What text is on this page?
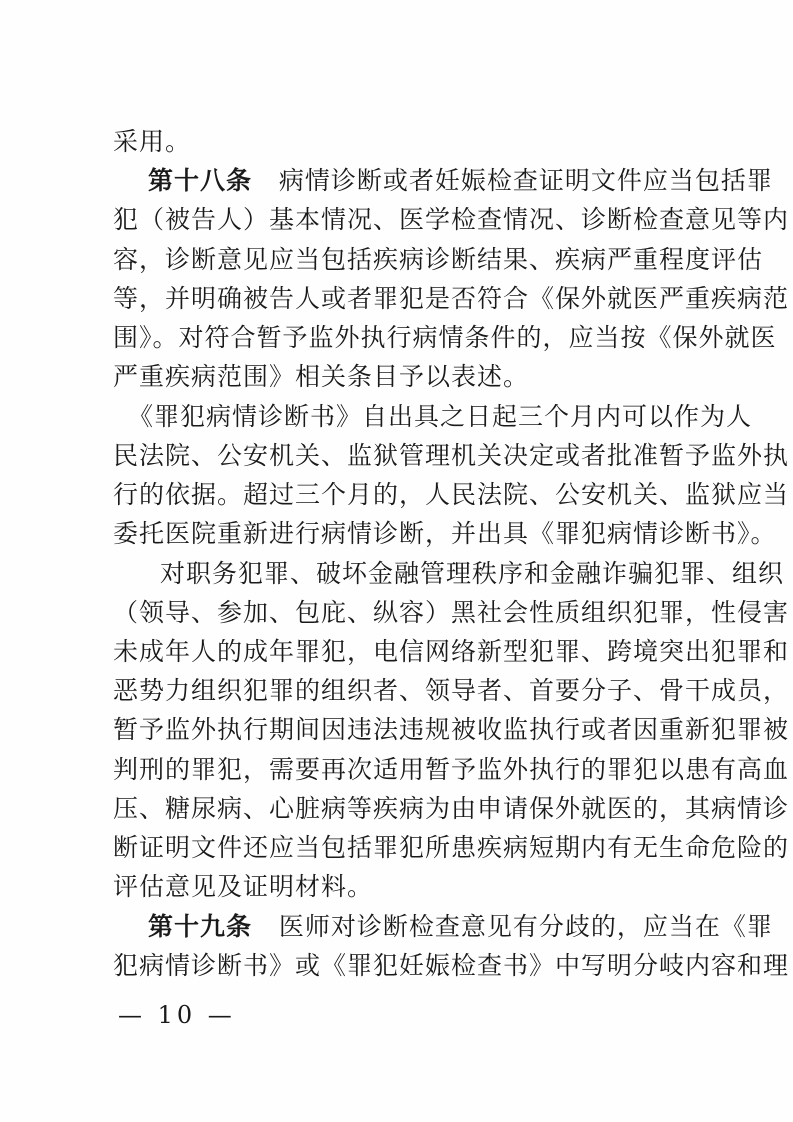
采用。
第十八条 病情诊断或者妊娠检查证明文件应当包括罪
犯（被告人）基本情况、医学检查情况、诊断检查意见等内
容，诊断意见应当包括疾病诊断结果、疾病严重程度评估
等，并明确被告人或者罪犯是否符合《保外就医严重疾病范
围》。对符合暂予监外执行病情条件的，应当按《保外就医
严重疾病范围》相关条目予以表述。
《罪犯病情诊断书》自出具之日起三个月内可以作为人
民法院、公安机关、监狱管理机关决定或者批准暂予监外执
行的依据。超过三个月的，人民法院、公安机关、监狱应当
委托医院重新进行病情诊断，并出具《罪犯病情诊断书》。
对职务犯罪、破坏金融管理秩序和金融诈骗犯罪、组织
（领导、参加、包庇、纵容）黑社会性质组织犯罪，性侵害
未成年人的成年罪犯，电信网络新型犯罪、跨境突出犯罪和
恶势力组织犯罪的组织者、领导者、首要分子、骨干成员，
暂予监外执行期间因违法违规被收监执行或者因重新犯罪被
判刑的罪犯，需要再次适用暂予监外执行的罪犯以患有高血
压、糖尿病、心脏病等疾病为由申请保外就医的，其病情诊
断证明文件还应当包括罪犯所患疾病短期内有无生命危险的
评估意见及证明材料。
第十九条 医师对诊断检查意见有分歧的，应当在《罪
犯病情诊断书》或《罪犯妊娠检查书》中写明分岐内容和理
— 10 —
